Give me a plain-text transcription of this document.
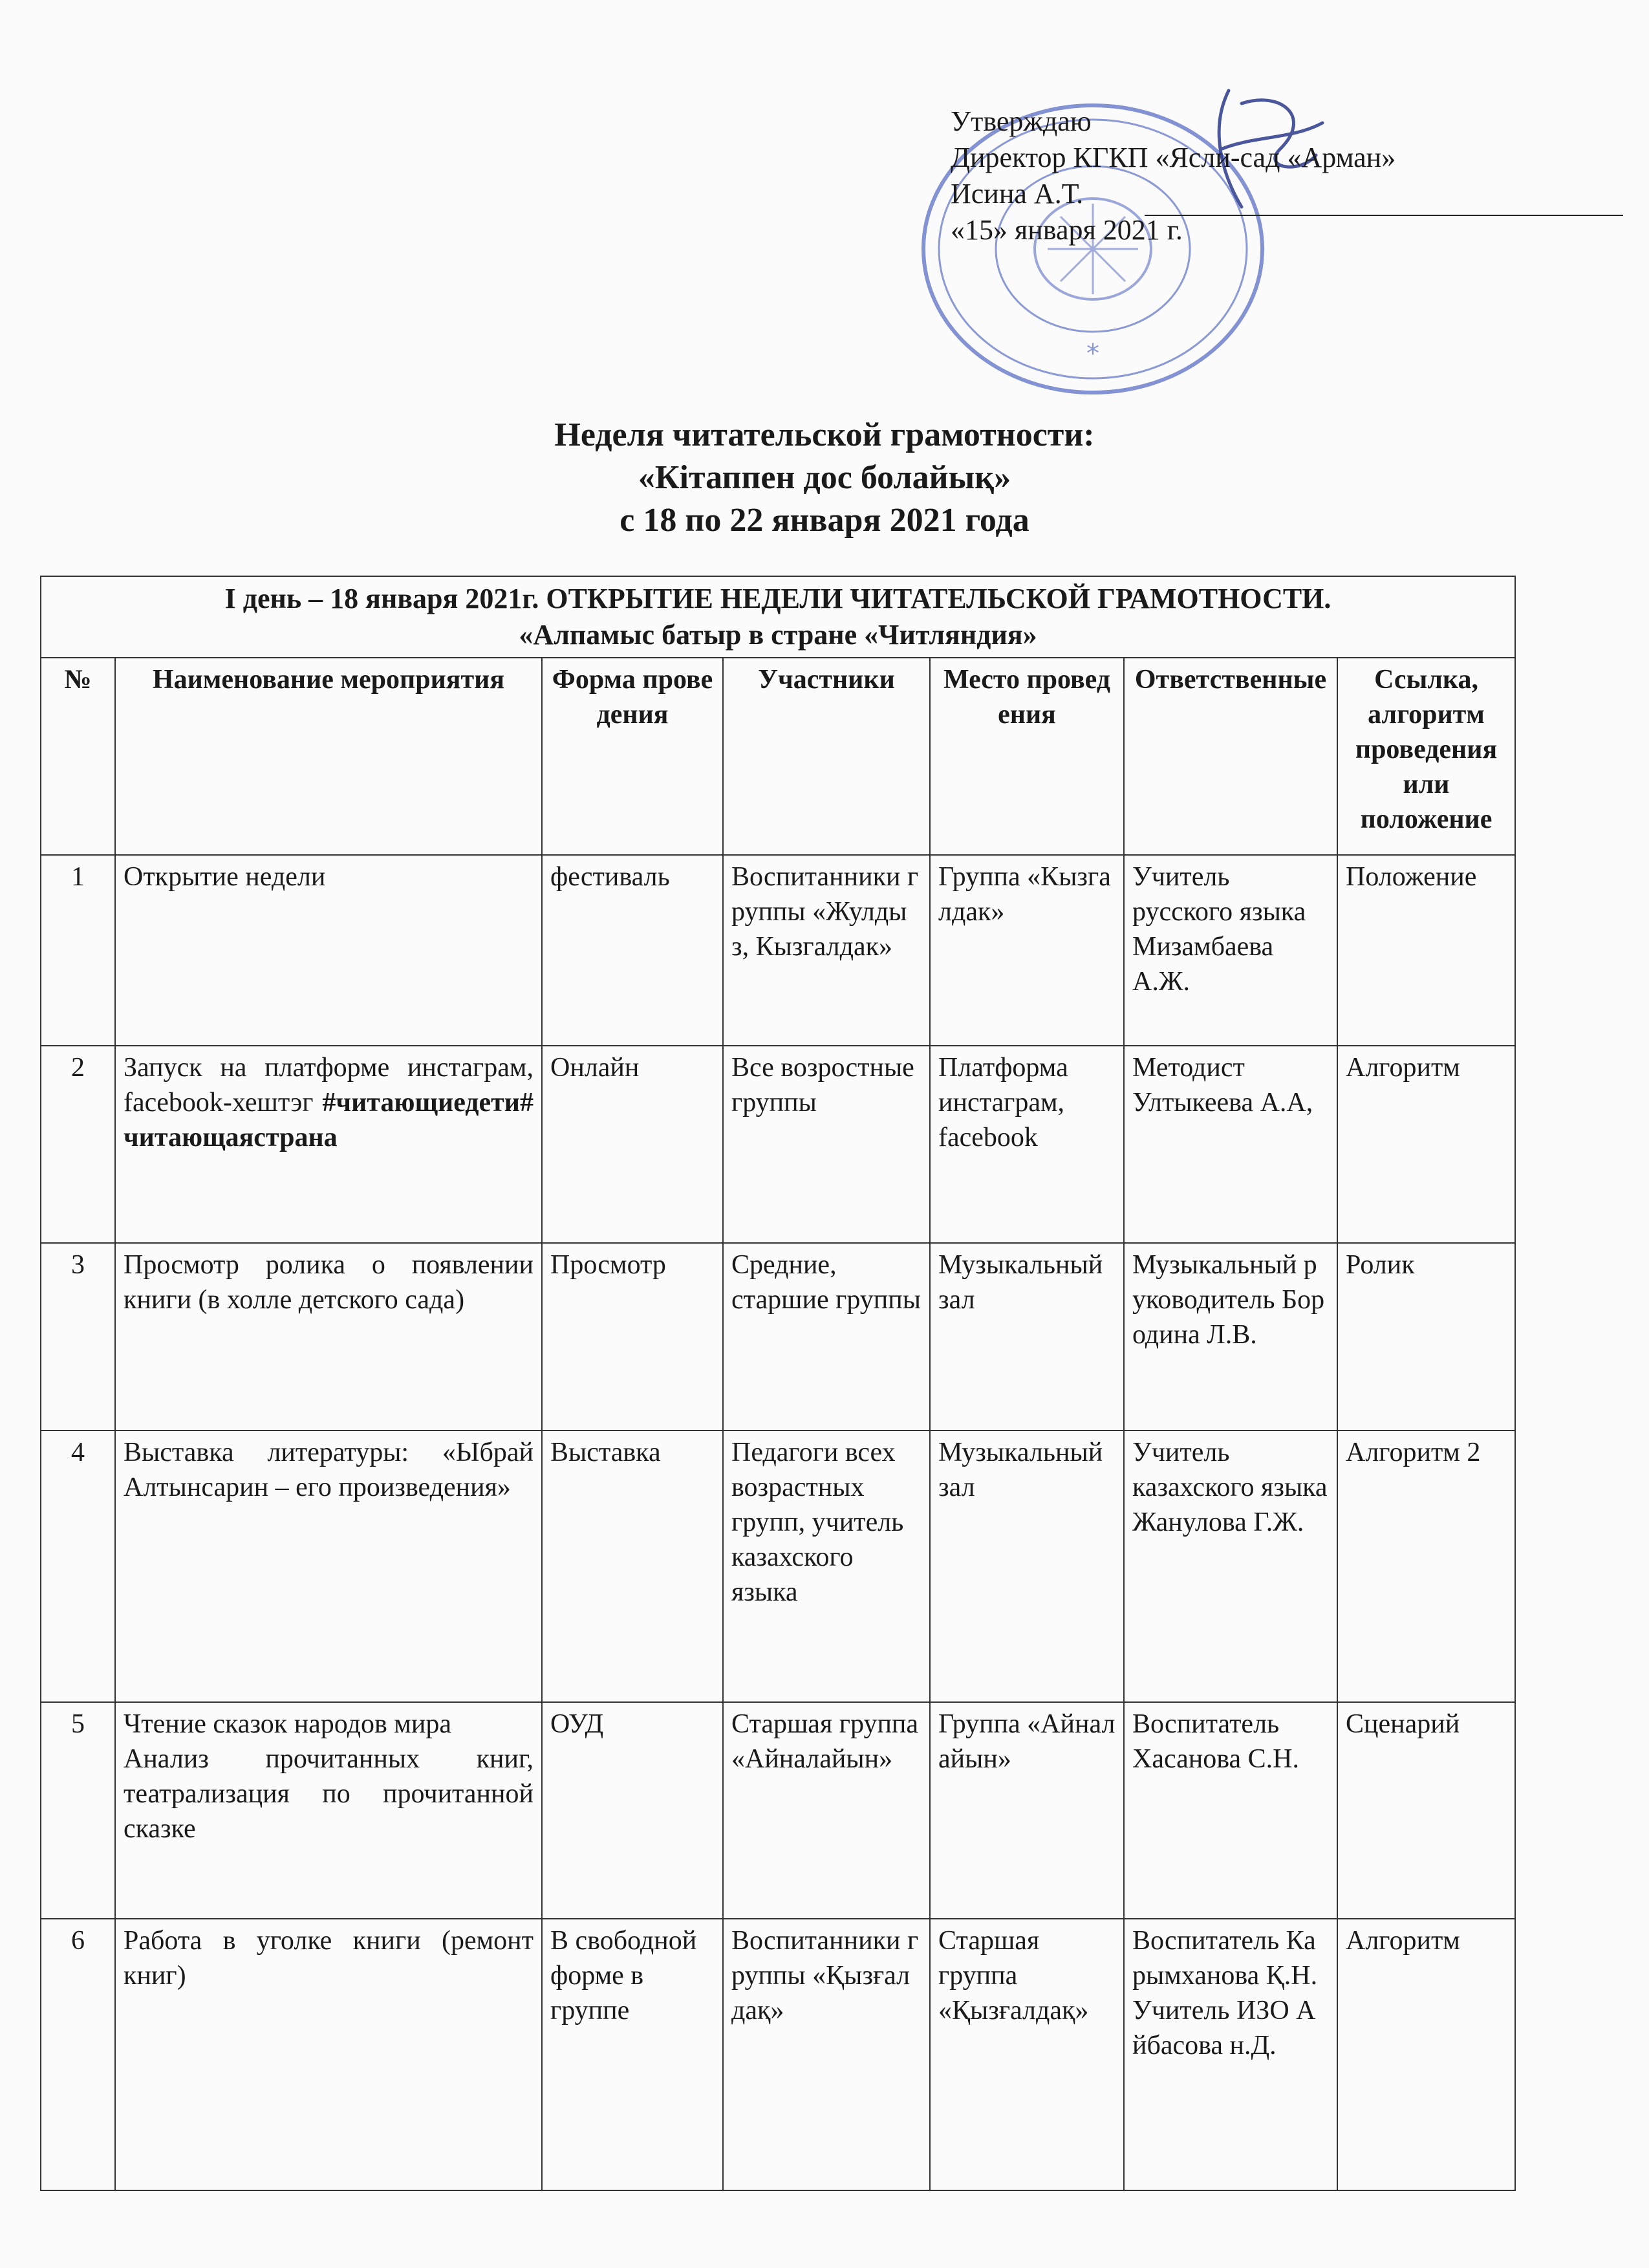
*
Утверждаю
Директор КГКП «Ясли-сад «Арман»
Исина А.Т.
«15» января 2021 г.
Неделя читательской грамотности:
«Кітаппен дос болайық»
с 18 по 22 января 2021 года
I день – 18 января 2021г. ОТКРЫТИЕ НЕДЕЛИ ЧИТАТЕЛЬСКОЙ ГРАМОТНОСТИ.
«Алпамыс батыр в стране «Читляндия»						

№	Наименование мероприятия	Форма проведения	Участники	Место проведения	Ответственные	Ссылка, алгоритм проведения или положение
1	Открытие недели	фестиваль	Воспитанники группы «Жулдыз, Кызгалдак»	Группа «Кызгалдак»	Учитель русского языка Мизамбаева А.Ж.	Положение
2	Запуск на платформе инстаграм, facebook-хештэг #читающиедети#читающаястрана	Онлайн	Все возростные группы	Платформа инстаграм, facebook	Методист Ултыкеева А.А,	Алгоритм
3	Просмотр ролика о появлении книги (в холле детского сада)	Просмотр	Средние, старшие группы	Музыкальный зал	Музыкальный руководитель Бородина Л.В.	Ролик
4	Выставка литературы: «Ыбрай Алтынсарин – его произведения»	Выставка	Педагоги всех возрастных групп, учитель казахского языка	Музыкальный зал	Учитель казахского языка Жанулова Г.Ж.	Алгоритм 2
5	Чтение сказок народов мира
Анализ прочитанных книг, театрализация по прочитанной сказке	ОУД	Старшая группа «Айналайын»	Группа «Айналайын»	Воспитатель Хасанова С.Н.	Сценарий
6	Работа в уголке книги (ремонт книг)	В свободной форме в группе	Воспитанники группы «Қызғалдақ»	Старшая группа «Қызғалдақ»	Воспитатель Карымханова Қ.Н.
Учитель ИЗО Айбасова н.Д.	Алгоритм
